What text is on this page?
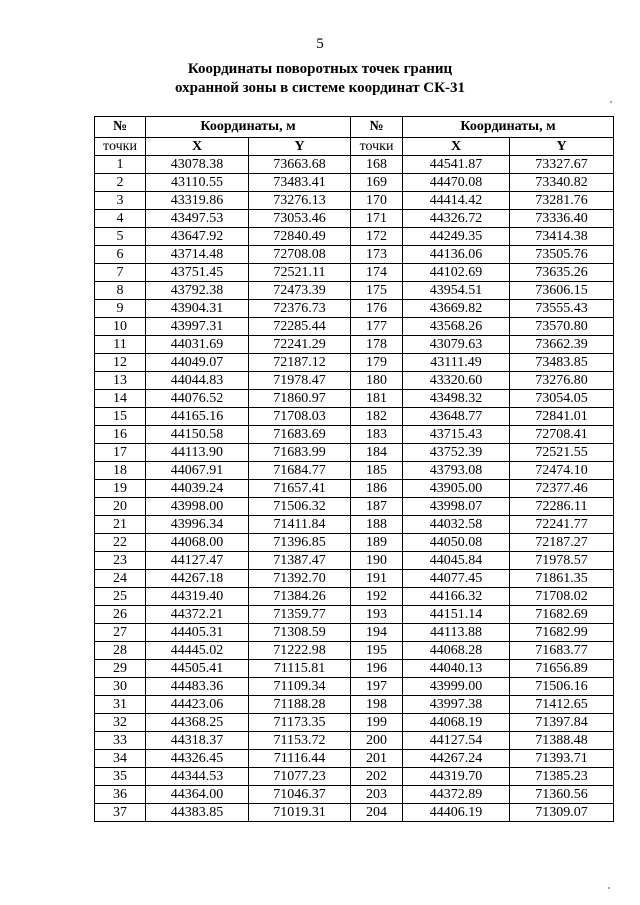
5
Координаты поворотных точек границ
охранной зоны в системе координат СК-31
№	Координаты, м		№	Координаты, м	
точки	X	Y	точки	X	Y
1	43078.38	73663.68	168	44541.87	73327.67
2	43110.55	73483.41	169	44470.08	73340.82
3	43319.86	73276.13	170	44414.42	73281.76
4	43497.53	73053.46	171	44326.72	73336.40
5	43647.92	72840.49	172	44249.35	73414.38
6	43714.48	72708.08	173	44136.06	73505.76
7	43751.45	72521.11	174	44102.69	73635.26
8	43792.38	72473.39	175	43954.51	73606.15
9	43904.31	72376.73	176	43669.82	73555.43
10	43997.31	72285.44	177	43568.26	73570.80
11	44031.69	72241.29	178	43079.63	73662.39
12	44049.07	72187.12	179	43111.49	73483.85
13	44044.83	71978.47	180	43320.60	73276.80
14	44076.52	71860.97	181	43498.32	73054.05
15	44165.16	71708.03	182	43648.77	72841.01
16	44150.58	71683.69	183	43715.43	72708.41
17	44113.90	71683.99	184	43752.39	72521.55
18	44067.91	71684.77	185	43793.08	72474.10
19	44039.24	71657.41	186	43905.00	72377.46
20	43998.00	71506.32	187	43998.07	72286.11
21	43996.34	71411.84	188	44032.58	72241.77
22	44068.00	71396.85	189	44050.08	72187.27
23	44127.47	71387.47	190	44045.84	71978.57
24	44267.18	71392.70	191	44077.45	71861.35
25	44319.40	71384.26	192	44166.32	71708.02
26	44372.21	71359.77	193	44151.14	71682.69
27	44405.31	71308.59	194	44113.88	71682.99
28	44445.02	71222.98	195	44068.28	71683.77
29	44505.41	71115.81	196	44040.13	71656.89
30	44483.36	71109.34	197	43999.00	71506.16
31	44423.06	71188.28	198	43997.38	71412.65
32	44368.25	71173.35	199	44068.19	71397.84
33	44318.37	71153.72	200	44127.54	71388.48
34	44326.45	71116.44	201	44267.24	71393.71
35	44344.53	71077.23	202	44319.70	71385.23
36	44364.00	71046.37	203	44372.89	71360.56
37	44383.85	71019.31	204	44406.19	71309.07
